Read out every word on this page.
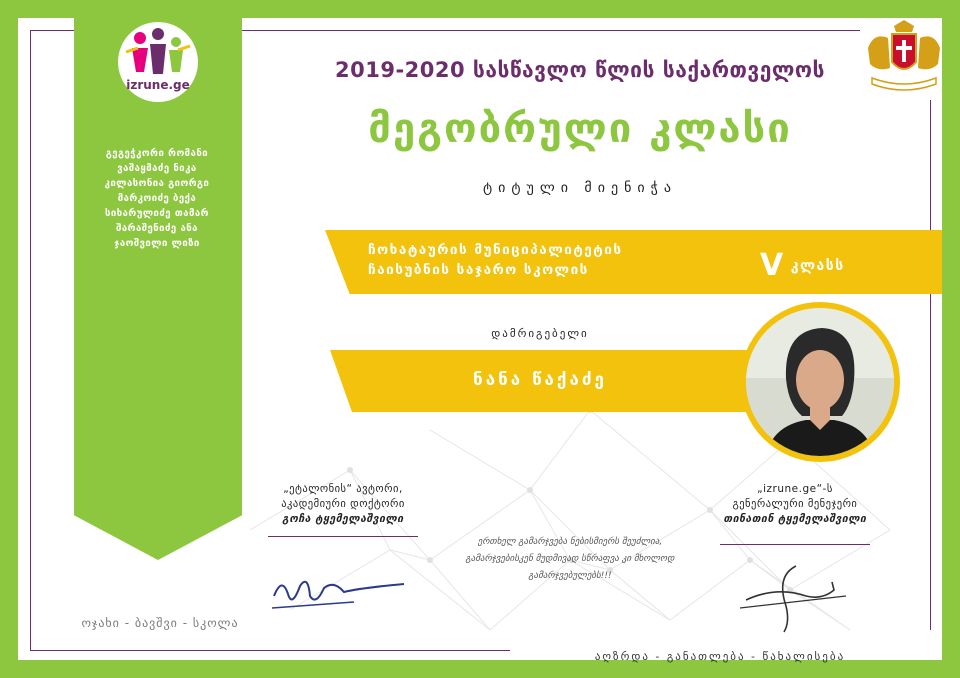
izrune.ge
გეგეჭკორი რომანი
ვაშაყმაძე ნიკა
კილასონია გიორგი
მარკოიძე ბექა
სიხარულიძე თამარ
შარაშენიძე ანა
ჯაოშვილი ლიზი
ოჯახი - ბავშვი - სკოლა
2019-2020 სასწავლო წლის საქართველოს
მეგობრული კლასი
ტიტული მიენიჭა
ჩოხატაურის მუნიციპალიტეტის
ჩაისუბნის საჯარო სკოლის	Vკლასს
დამრიგებელი
ნანა წაქაძე
„ეტალონის“ ავტორი,
აკადემიური დოქტორი
გოჩა ტყემელაშვილი
„izrune.ge“-ს
გენერალური მენეჯერი
თინათინ ტყემელაშვილი
ერთხელ გამარჯვება ნებისმიერს შეუძლია,
გამარჯვებისკენ მუდმივად სწრაფვა კი მხოლოდ გამარჯვებულებს!!!
აღზრდა - განათლება - წახალისება
